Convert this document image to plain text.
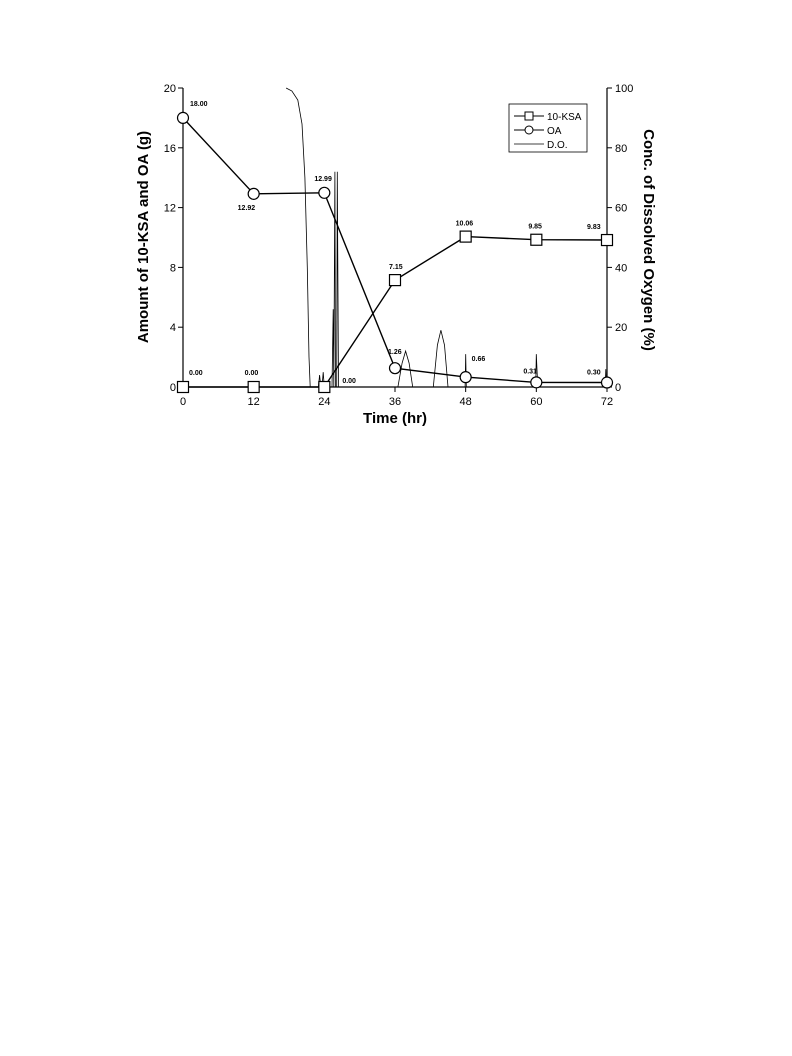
0	12	24	36	48	60	72
0
4
8
12
16
20
0
20
40
60
80
100
0.00	0.00
0.00
7.15
10.06	9.85	9.83
18.00
12.92
12.99
1.26
0.66
0.31	0.30
Time (hr)
Amount of 10-KSA and OA (g)	Conc. of Dissolved Oxygen (%)
10-KSA
OA
D.O.
